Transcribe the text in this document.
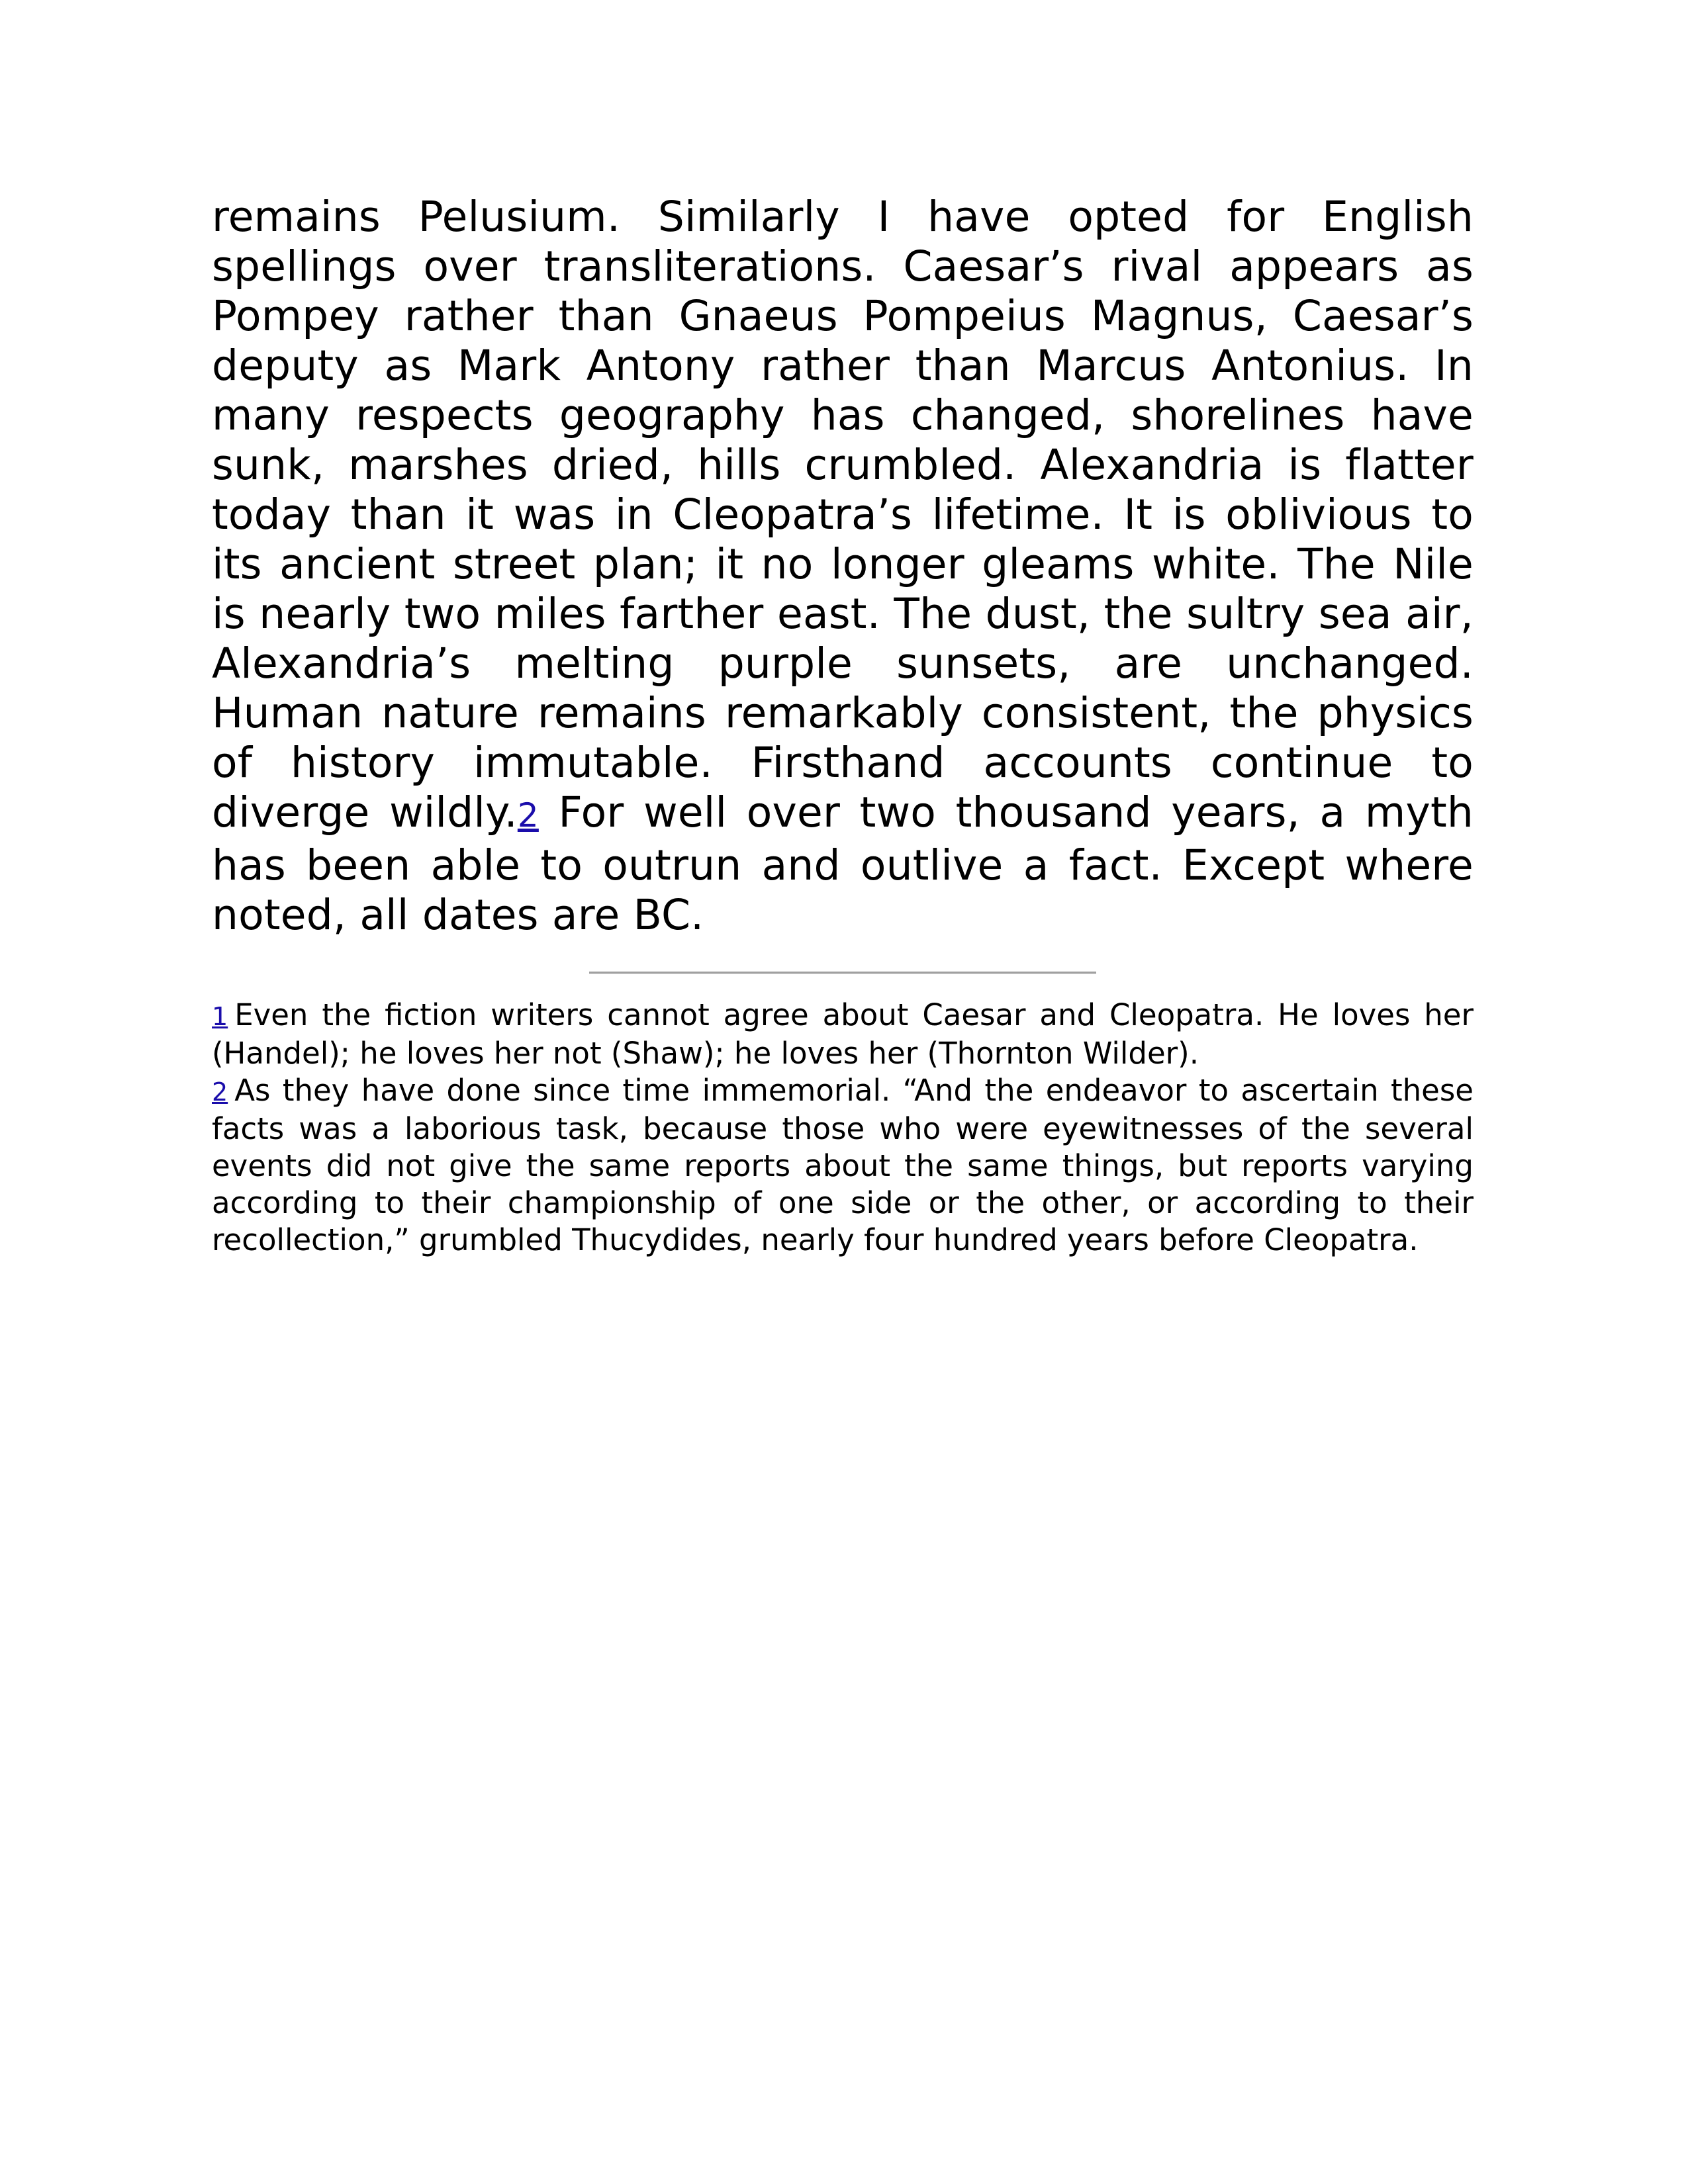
remains Pelusium. Similarly I have opted for English spellings over transliterations. Caesar’s rival appears as Pompey rather than Gnaeus Pompeius Magnus, Caesar’s deputy as Mark Antony rather than Marcus Antonius. In many respects geography has changed, shorelines have sunk, marshes dried, hills crumbled. Alexandria is flatter today than it was in Cleopatra’s lifetime. It is oblivious to its ancient street plan; it no longer gleams white. The Nile is nearly two miles farther east. The dust, the sultry sea air, Alexandria’s melting purple sunsets, are unchanged. Human nature remains remarkably consistent, the physics of history immutable. Firsthand accounts continue to diverge wildly.2 For well over two thousand years, a myth has been able to outrun and outlive a fact. Except where noted, all dates are BC.

1 Even the fiction writers cannot agree about Caesar and Cleopatra. He loves her (Handel); he loves her not (Shaw); he loves her (Thornton Wilder).

2 As they have done since time immemorial. “And the endeavor to ascertain these facts was a laborious task, because those who were eyewitnesses of the several events did not give the same reports about the same things, but reports varying according to their championship of one side or the other, or according to their recollection,” grumbled Thucydides, nearly four hundred years before Cleopatra.
